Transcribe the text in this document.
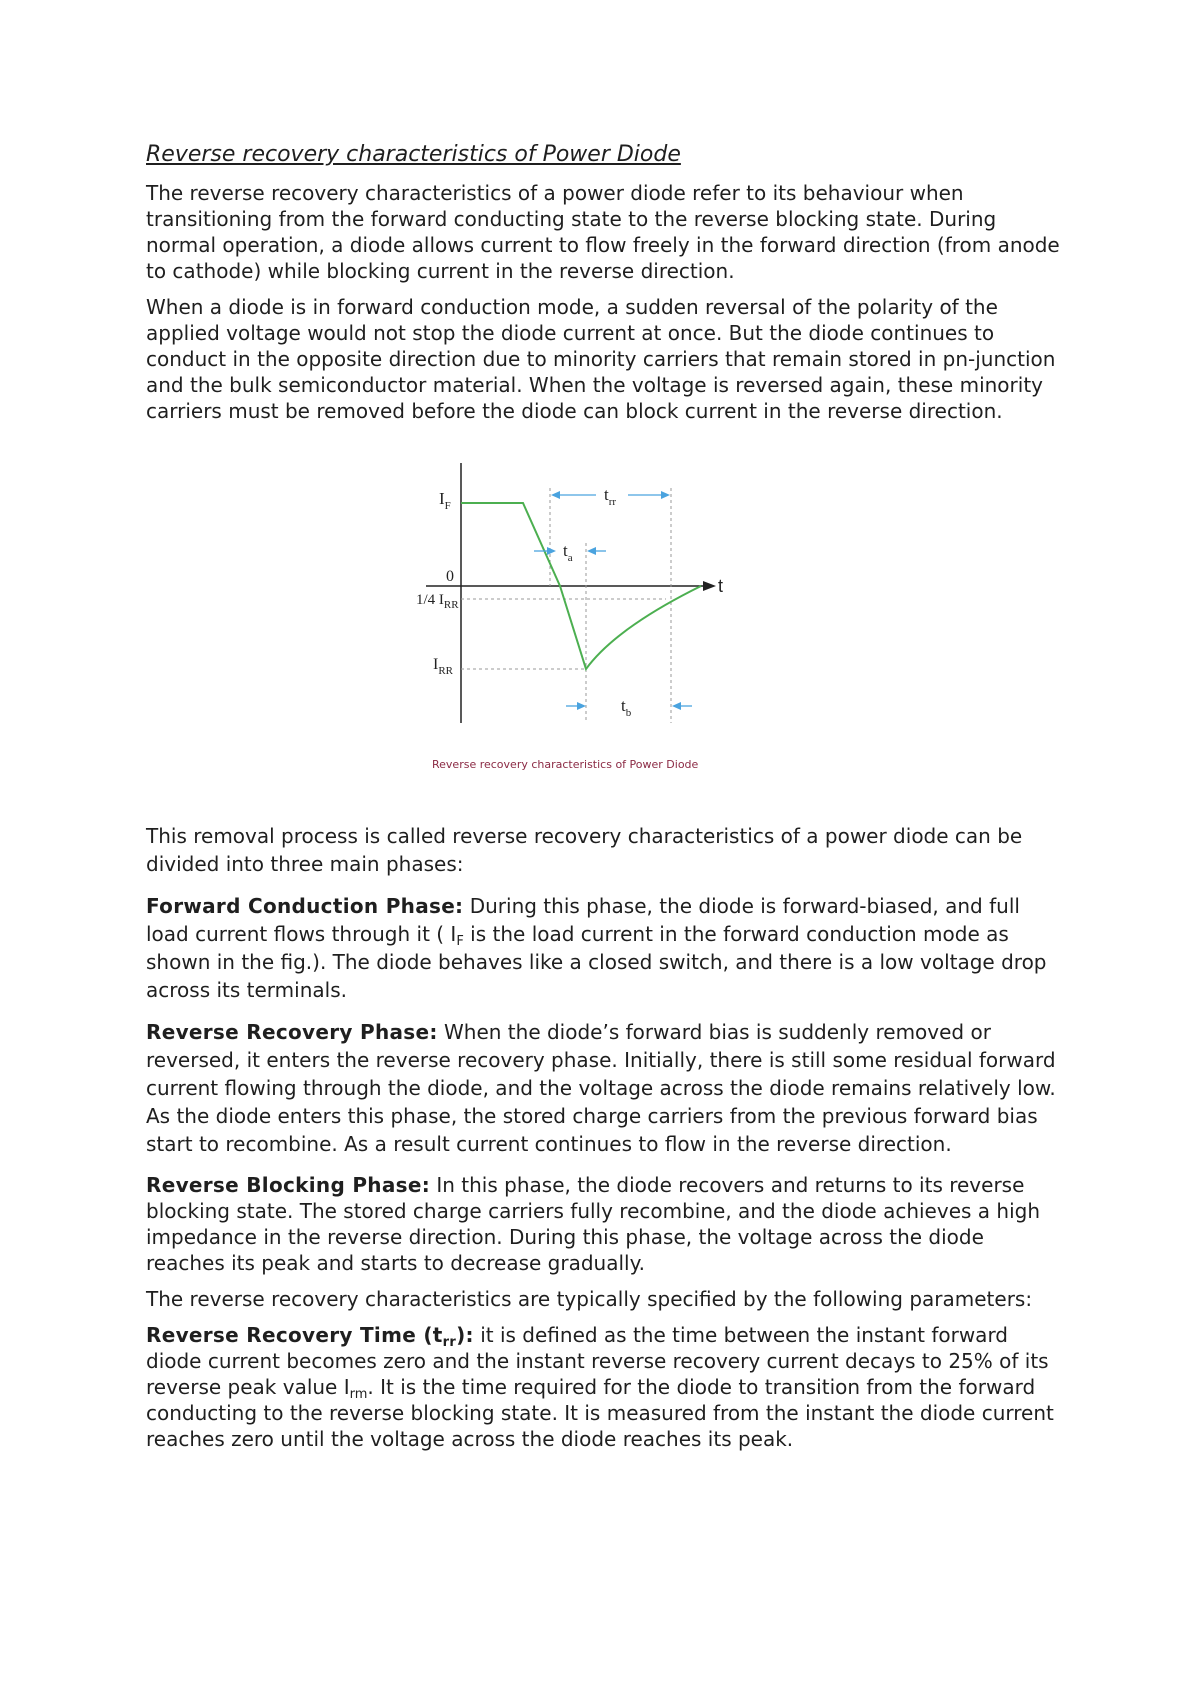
Reverse recovery characteristics of Power Diode

The reverse recovery characteristics of a power diode refer to its behaviour when transitioning from the forward conducting state to the reverse blocking state. During normal operation, a diode allows current to flow freely in the forward direction (from anode to cathode) while blocking current in the reverse direction.

When a diode is in forward conduction mode, a sudden reversal of the polarity of the applied voltage would not stop the diode current at once. But the diode continues to conduct in the opposite direction due to minority carriers that remain stored in pn-junction and the bulk semiconductor material. When the voltage is reversed again, these minority carriers must be removed before the diode can block current in the reverse direction.

$I_F$
0
1/4 $I_{RR}$
$I_{RR}$
t
$t_{rr}$
$t_a$
$t_b$
Reverse recovery characteristics of Power Diode

This removal process is called reverse recovery characteristics of a power diode can be divided into three main phases:

Forward Conduction Phase: During this phase, the diode is forward-biased, and full load current flows through it ( $I_F$ is the load current in the forward conduction mode as shown in the fig.). The diode behaves like a closed switch, and there is a low voltage drop across its terminals.

Reverse Recovery Phase: When the diode’s forward bias is suddenly removed or reversed, it enters the reverse recovery phase. Initially, there is still some residual forward current flowing through the diode, and the voltage across the diode remains relatively low. As the diode enters this phase, the stored charge carriers from the previous forward bias start to recombine. As a result current continues to flow in the reverse direction.

Reverse Blocking Phase: In this phase, the diode recovers and returns to its reverse blocking state. The stored charge carriers fully recombine, and the diode achieves a high impedance in the reverse direction. During this phase, the voltage across the diode reaches its peak and starts to decrease gradually.

The reverse recovery characteristics are typically specified by the following parameters:

Reverse Recovery Time $(t_{rr})$: it is defined as the time between the instant forward diode current becomes zero and the instant reverse recovery current decays to 25% of its reverse peak value $I_{rm}$. It is the time required for the diode to transition from the forward conducting to the reverse blocking state. It is measured from the instant the diode current reaches zero until the voltage across the diode reaches its peak.
